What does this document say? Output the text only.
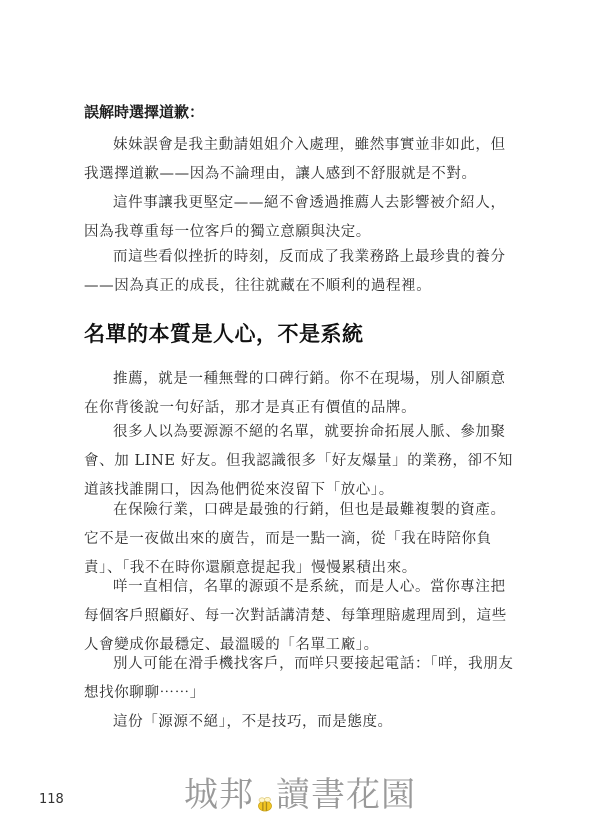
誤解時選擇道歉：

妹妹誤會是我主動請姐姐介入處理，雖然事實並非如此，但我選擇道歉——因為不論理由，讓人感到不舒服就是不對。

這件事讓我更堅定——絕不會透過推薦人去影響被介紹人，因為我尊重每一位客戶的獨立意願與決定。

而這些看似挫折的時刻，反而成了我業務路上最珍貴的養分——因為真正的成長，往往就藏在不順利的過程裡。

名單的本質是人心，不是系統

推薦，就是一種無聲的口碑行銷。你不在現場，別人卻願意在你背後說一句好話，那才是真正有價值的品牌。

很多人以為要源源不絕的名單，就要拚命拓展人脈、參加聚會、加 LINE 好友。但我認識很多「好友爆量」的業務，卻不知道該找誰開口，因為他們從來沒留下「放心」。

在保險行業，口碑是最強的行銷，但也是最難複製的資產。它不是一夜做出來的廣告，而是一點一滴，從「我在時陪你負責」、「我不在時你還願意提起我」慢慢累積出來。

咩一直相信，名單的源頭不是系統，而是人心。當你專注把每個客戶照顧好、每一次對話講清楚、每筆理賠處理周到，這些人會變成你最穩定、最溫暖的「名單工廠」。

別人可能在滑手機找客戶，而咩只要接起電話：「咩，我朋友想找你聊聊⋯⋯」

這份「源源不絕」，不是技巧，而是態度。

118	城邦 讀書花園
